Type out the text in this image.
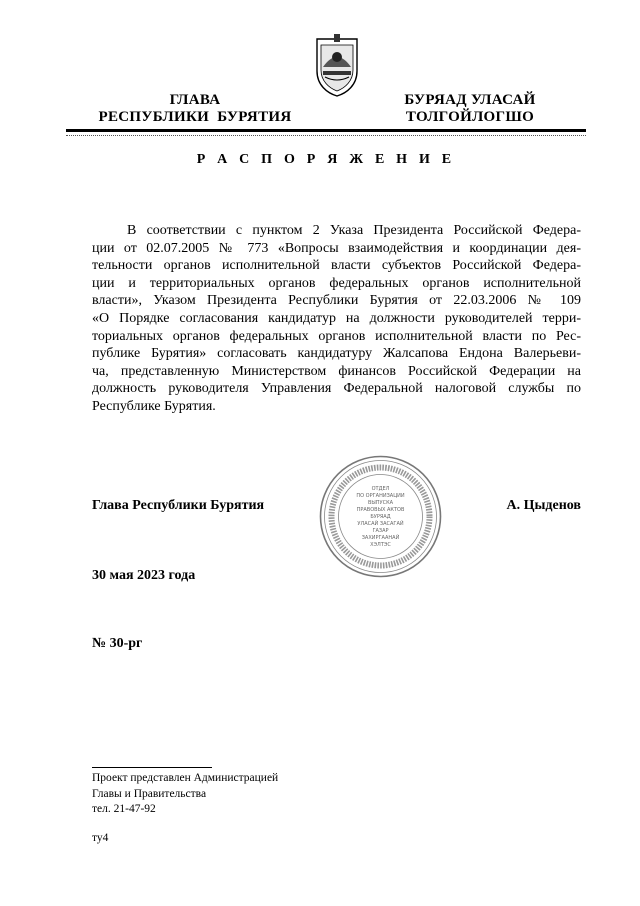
ГЛАВА
РЕСПУБЛИКИ  БУРЯТИЯ
БУРЯАД УЛАСАЙ
ТОЛГОЙЛОГШО
Р А С П О Р Я Ж Е Н И Е
В соответствии с пунктом 2 Указа Президента Российской Федера-
ции от 02.07.2005 № 773 «Вопросы взаимодействия и координации дея-
тельности органов исполнительной власти субъектов Российской Федера-
ции и территориальных органов федеральных органов исполнительной
власти», Указом Президента Республики Бурятия от 22.03.2006 № 109
«О Порядке согласования кандидатур на должности руководителей терри-
ториальных органов федеральных органов исполнительной власти по Рес-
публике Бурятия» согласовать кандидатуру Жалсапова Ендона Валерьеви-
ча, представленную Министерством финансов Российской Федерации на
должность руководителя Управления Федеральной налоговой службы по
Республике Бурятия.
ОТДЕЛ
ПО ОРГАНИЗАЦИИ
ВЫПУСКА
ПРАВОВЫХ АКТОВ
БУРЯАД
УЛАСАЙ ЗАСАГАЙ
ГАЗАР
ЗАХИРГААНАЙ
ХЭЛТЭС
Глава Республики Бурятия	А. Цыденов
30 мая 2023 года
№ 30-рг
Проект представлен Администрацией
Главы и Правительства
тел. 21-47-92
ту4
